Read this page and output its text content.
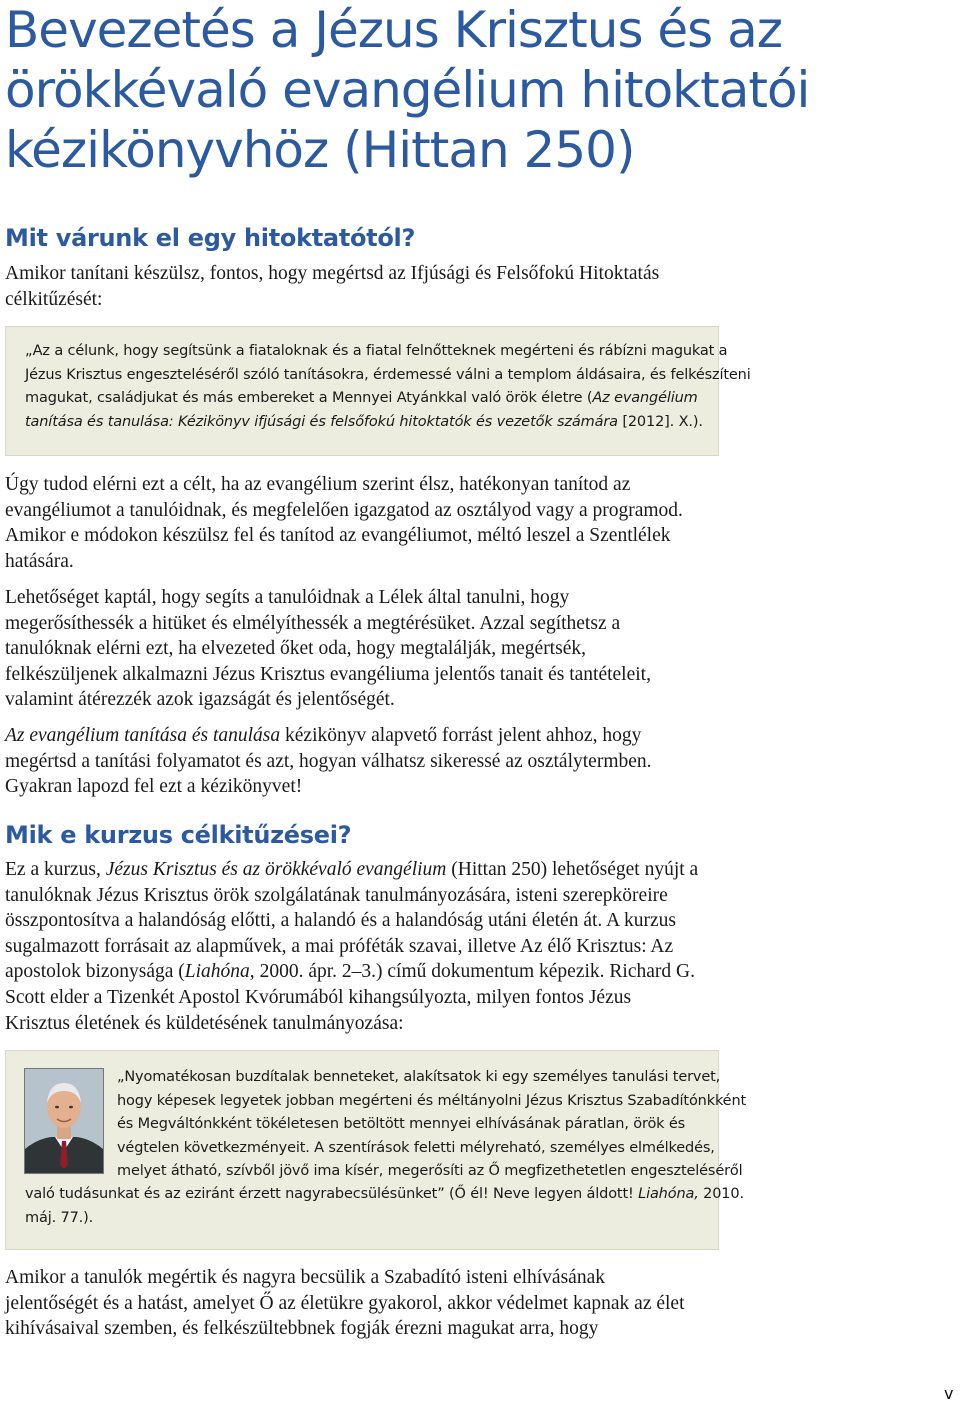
Bevezetés a Jézus Krisztus és az
örökkévaló evangélium hitoktatói
kézikönyvhöz (Hittan 250)
Mit várunk el egy hitoktatótól?

Amikor tanítani készülsz, fontos, hogy megértsd az Ifjúsági és Felsőfokú Hitoktatás
célkitűzését:

„Az a célunk, hogy segítsünk a fiataloknak és a fiatal felnőtteknek megérteni és rábízni magukat a
Jézus Krisztus engeszteléséről szóló tanításokra, érdemessé válni a templom áldásaira, és felkészíteni
magukat, családjukat és más embereket a Mennyei Atyánkkal való örök életre (Az evangélium
tanítása és tanulása: Kézikönyv ifjúsági és felsőfokú hitoktatók és vezetők számára [2012]. X.).

Úgy tudod elérni ezt a célt, ha az evangélium szerint élsz, hatékonyan tanítod az
evangéliumot a tanulóidnak, és megfelelően igazgatod az osztályod vagy a programod.
Amikor e módokon készülsz fel és tanítod az evangéliumot, méltó leszel a Szentlélek
hatására.

Lehetőséget kaptál, hogy segíts a tanulóidnak a Lélek által tanulni, hogy
megerősíthessék a hitüket és elmélyíthessék a megtérésüket. Azzal segíthetsz a
tanulóknak elérni ezt, ha elvezeted őket oda, hogy megtalálják, megértsék,
felkészüljenek alkalmazni Jézus Krisztus evangéliuma jelentős tanait és tantételeit,
valamint átérezzék azok igazságát és jelentőségét.

Az evangélium tanítása és tanulása kézikönyv alapvető forrást jelent ahhoz, hogy
megértsd a tanítási folyamatot és azt, hogyan válhatsz sikeressé az osztálytermben.
Gyakran lapozd fel ezt a kézikönyvet!

Mik e kurzus célkitűzései?

Ez a kurzus, Jézus Krisztus és az örökkévaló evangélium (Hittan 250) lehetőséget nyújt a
tanulóknak Jézus Krisztus örök szolgálatának tanulmányozására, isteni szerepköreire
összpontosítva a halandóság előtti, a halandó és a halandóság utáni életén át. A kurzus
sugalmazott forrásait az alapművek, a mai próféták szavai, illetve Az élő Krisztus: Az
apostolok bizonysága (Liahóna, 2000. ápr. 2–3.) című dokumentum képezik. Richard G.
Scott elder a Tizenkét Apostol Kvórumából kihangsúlyozta, milyen fontos Jézus
Krisztus életének és küldetésének tanulmányozása:

„Nyomatékosan buzdítalak benneteket, alakítsatok ki egy személyes tanulási tervet,
hogy képesek legyetek jobban megérteni és méltányolni Jézus Krisztus Szabadítónkként
és Megváltónkként tökéletesen betöltött mennyei elhívásának páratlan, örök és
végtelen következményeit. A szentírások feletti mélyreható, személyes elmélkedés,
melyet átható, szívből jövő ima kísér, megerősíti az Ő megfizethetetlen engeszteléséről

való tudásunkat és az eziránt érzett nagyrabecsülésünket” (Ő él! Neve legyen áldott! Liahóna, 2010.
máj. 77.).

Amikor a tanulók megértik és nagyra becsülik a Szabadító isteni elhívásának
jelentőségét és a hatást, amelyet Ő az életükre gyakorol, akkor védelmet kapnak az élet
kihívásaival szemben, és felkészültebbnek fogják érezni magukat arra, hogy

v
